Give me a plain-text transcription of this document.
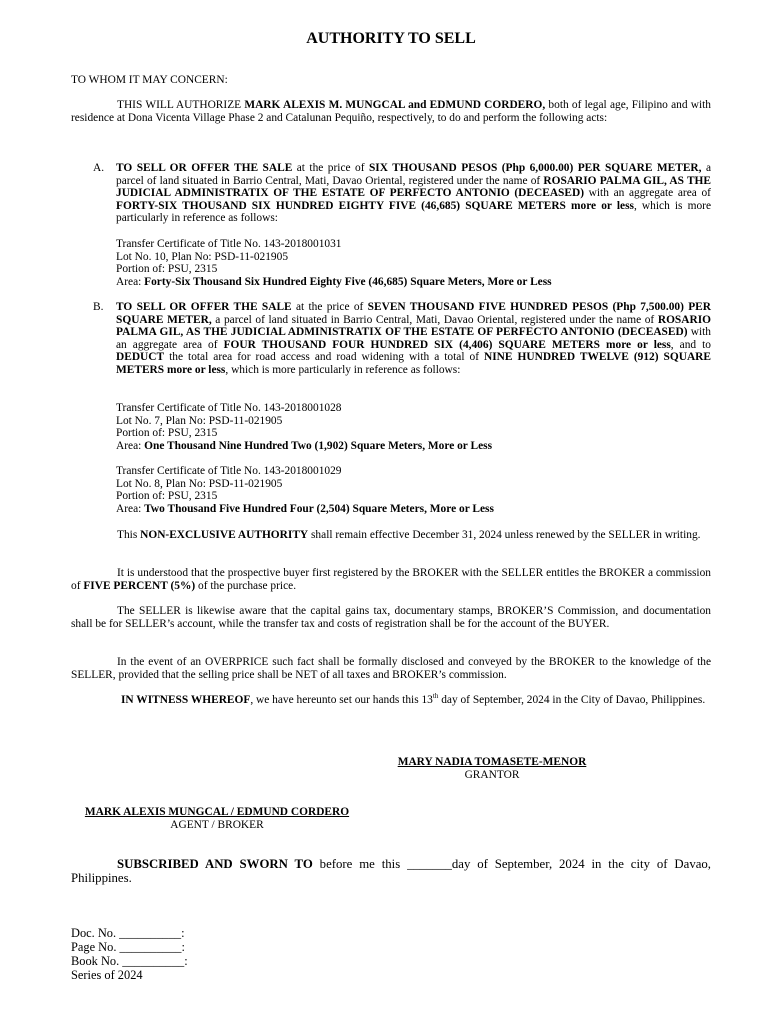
AUTHORITY TO SELL
TO WHOM IT MAY CONCERN:
THIS WILL AUTHORIZE MARK ALEXIS M. MUNGCAL and EDMUND CORDERO, both of legal age, Filipino and with residence at Dona Vicenta Village Phase 2 and Catalunan Pequiño, respectively, to do and perform the following acts:
A.	TO SELL OR OFFER THE SALE at the price of SIX THOUSAND PESOS (Php 6,000.00) PER SQUARE METER, a parcel of land situated in Barrio Central, Mati, Davao Oriental, registered under the name of ROSARIO PALMA GIL, AS THE JUDICIAL ADMINISTRATIX OF THE ESTATE OF PERFECTO ANTONIO (DECEASED) with an aggregate area of FORTY-SIX THOUSAND SIX HUNDRED EIGHTY FIVE (46,685) SQUARE METERS more or less, which is more particularly in reference as follows:
Transfer Certificate of Title No. 143-2018001031
Lot No. 10, Plan No: PSD-11-021905
Portion of: PSU, 2315
Area: Forty-Six Thousand Six Hundred Eighty Five (46,685) Square Meters, More or Less
B.	TO SELL OR OFFER THE SALE at the price of SEVEN THOUSAND FIVE HUNDRED PESOS (Php 7,500.00) PER SQUARE METER, a parcel of land situated in Barrio Central, Mati, Davao Oriental, registered under the name of ROSARIO PALMA GIL, AS THE JUDICIAL ADMINISTRATIX OF THE ESTATE OF PERFECTO ANTONIO (DECEASED) with an aggregate area of FOUR THOUSAND FOUR HUNDRED SIX (4,406) SQUARE METERS more or less, and to DEDUCT the total area for road access and road widening with a total of NINE HUNDRED TWELVE (912) SQUARE METERS more or less, which is more particularly in reference as follows:
Transfer Certificate of Title No. 143-2018001028
Lot No. 7, Plan No: PSD-11-021905
Portion of: PSU, 2315
Area: One Thousand Nine Hundred Two (1,902) Square Meters, More or Less
Transfer Certificate of Title No. 143-2018001029
Lot No. 8, Plan No: PSD-11-021905
Portion of: PSU, 2315
Area: Two Thousand Five Hundred Four (2,504) Square Meters, More or Less
This NON-EXCLUSIVE AUTHORITY shall remain effective December 31, 2024 unless renewed by the SELLER in writing.
It is understood that the prospective buyer first registered by the BROKER with the SELLER entitles the BROKER a commission of FIVE PERCENT (5%) of the purchase price.
The SELLER is likewise aware that the capital gains tax, documentary stamps, BROKER’S Commission, and documentation shall be for SELLER’s account, while the transfer tax and costs of registration shall be for the account of the BUYER.
In the event of an OVERPRICE such fact shall be formally disclosed and conveyed by the BROKER to the knowledge of the SELLER, provided that the selling price shall be NET of all taxes and BROKER’s commission.
IN WITNESS WHEREOF, we have hereunto set our hands this 13th day of September, 2024 in the City of Davao, Philippines.
MARY NADIA TOMASETE-MENOR
GRANTOR
MARK ALEXIS MUNGCAL / EDMUND CORDERO
AGENT / BROKER
SUBSCRIBED AND SWORN TO before me this _______day of September, 2024 in the city of Davao, Philippines.
Doc. No. __________:
Page No. __________:
Book No. __________:
Series of 2024
